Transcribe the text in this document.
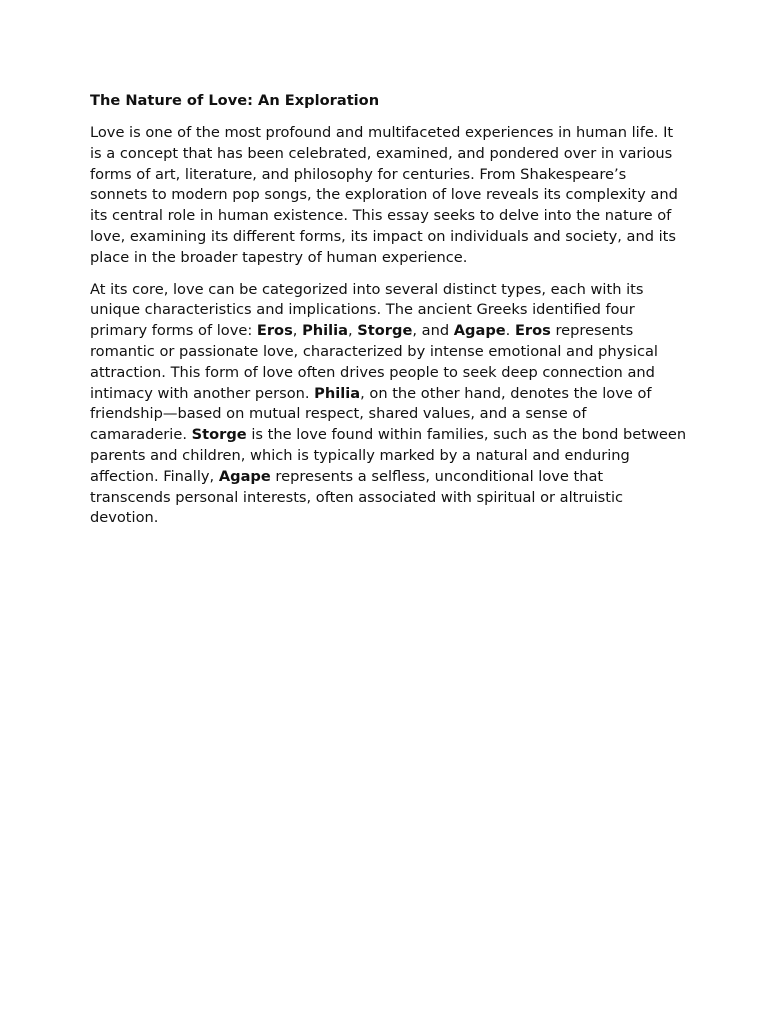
The Nature of Love: An Exploration

Love is one of the most profound and multifaceted experiences in human life. It is a concept that has been celebrated, examined, and pondered over in various forms of art, literature, and philosophy for centuries. From Shakespeare’s sonnets to modern pop songs, the exploration of love reveals its complexity and its central role in human existence. This essay seeks to delve into the nature of love, examining its different forms, its impact on individuals and society, and its place in the broader tapestry of human experience.

At its core, love can be categorized into several distinct types, each with its unique characteristics and implications. The ancient Greeks identified four primary forms of love: Eros, Philia, Storge, and Agape. Eros represents romantic or passionate love, characterized by intense emotional and physical attraction. This form of love often drives people to seek deep connection and intimacy with another person. Philia, on the other hand, denotes the love of friendship—based on mutual respect, shared values, and a sense of camaraderie. Storge is the love found within families, such as the bond between parents and children, which is typically marked by a natural and enduring affection. Finally, Agape represents a selfless, unconditional love that transcends personal interests, often associated with spiritual or altruistic devotion.
